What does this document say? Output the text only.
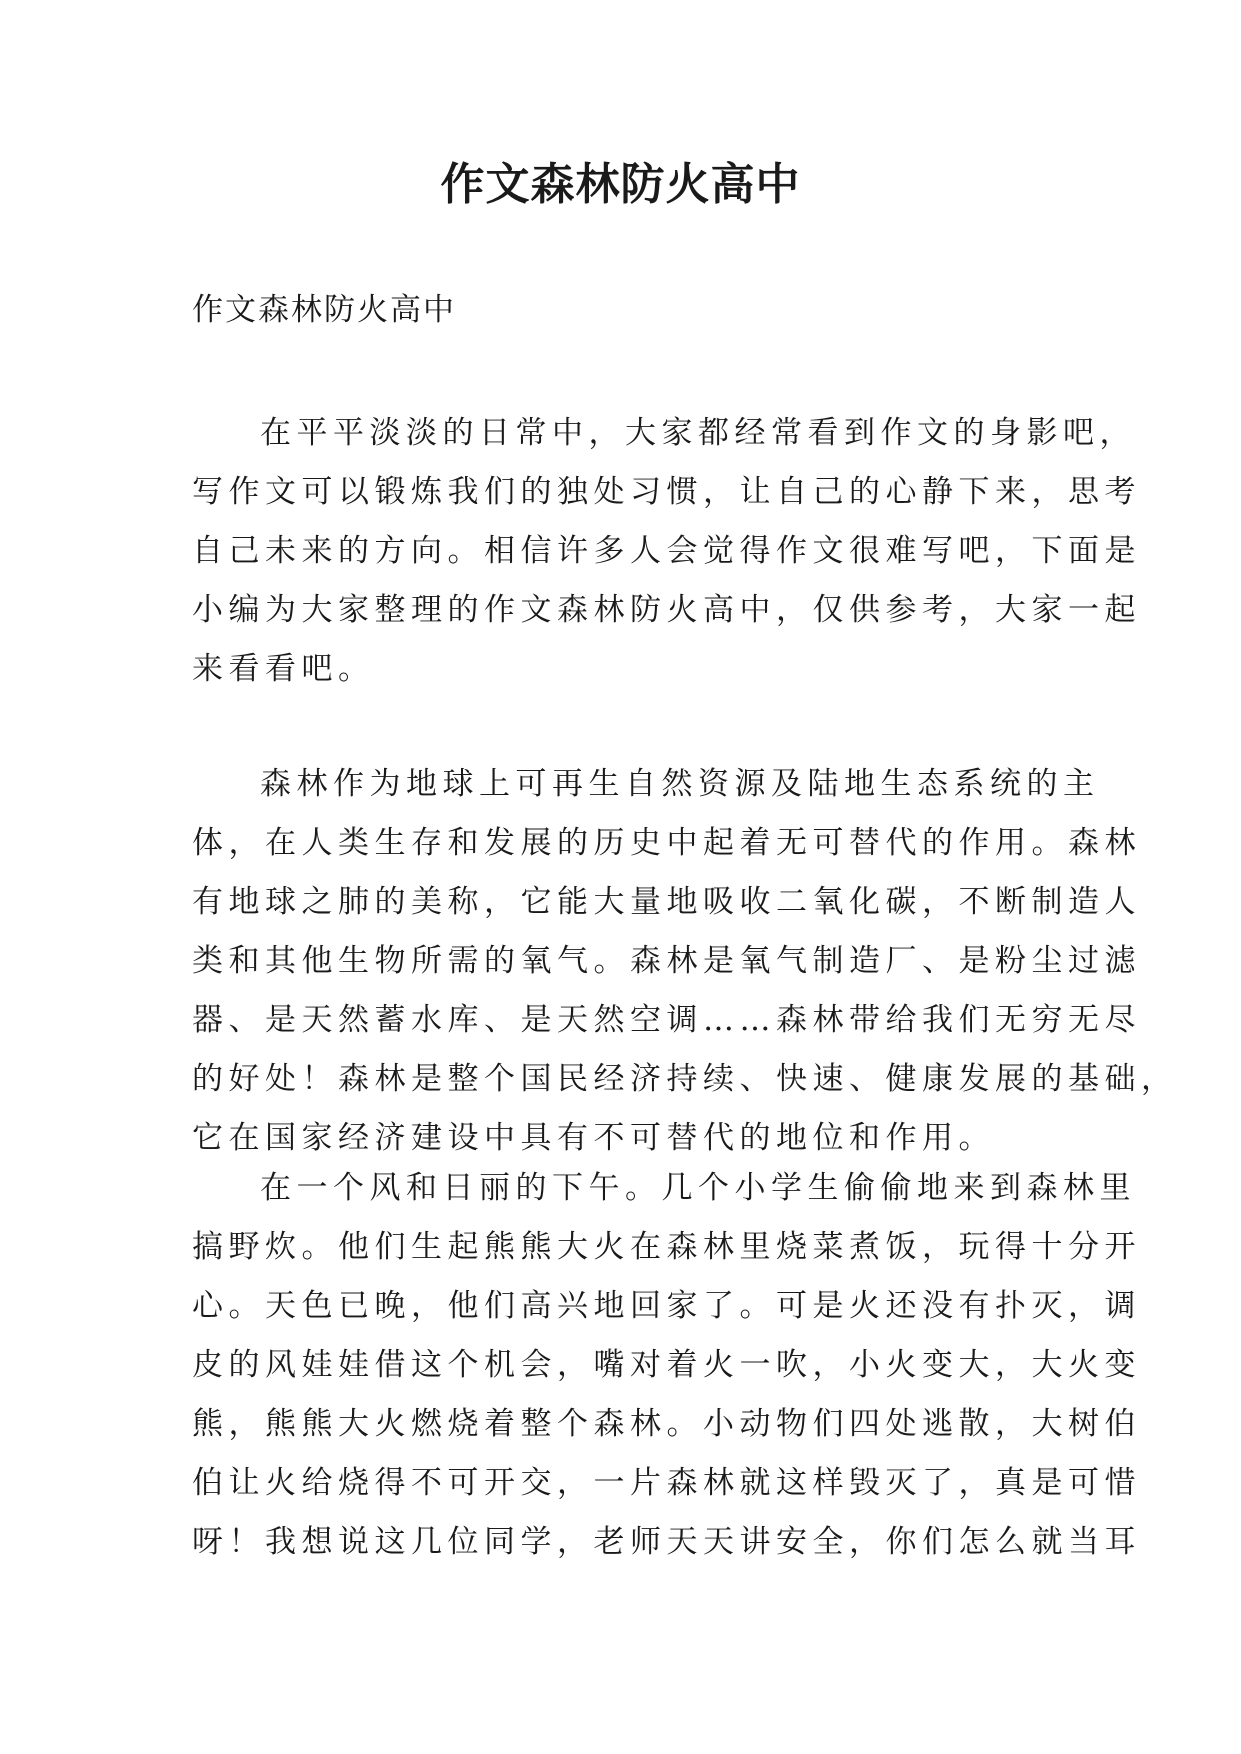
作文森林防火高中

作文森林防火高中

在平平淡淡的日常中，大家都经常看到作文的身影吧，
写作文可以锻炼我们的独处习惯，让自己的心静下来，思考
自己未来的方向。相信许多人会觉得作文很难写吧，下面是
小编为大家整理的作文森林防火高中，仅供参考，大家一起
来看看吧。
森林作为地球上可再生自然资源及陆地生态系统的主
体，在人类生存和发展的历史中起着无可替代的作用。森林
有地球之肺的美称，它能大量地吸收二氧化碳，不断制造人
类和其他生物所需的氧气。森林是氧气制造厂、是粉尘过滤
器、是天然蓄水库、是天然空调……森林带给我们无穷无尽
的好处！森林是整个国民经济持续、快速、健康发展的基础，
它在国家经济建设中具有不可替代的地位和作用。
在一个风和日丽的下午。几个小学生偷偷地来到森林里
搞野炊。他们生起熊熊大火在森林里烧菜煮饭，玩得十分开
心。天色已晚，他们高兴地回家了。可是火还没有扑灭，调
皮的风娃娃借这个机会，嘴对着火一吹，小火变大，大火变
熊，熊熊大火燃烧着整个森林。小动物们四处逃散，大树伯
伯让火给烧得不可开交，一片森林就这样毁灭了，真是可惜
呀！我想说这几位同学，老师天天讲安全，你们怎么就当耳
